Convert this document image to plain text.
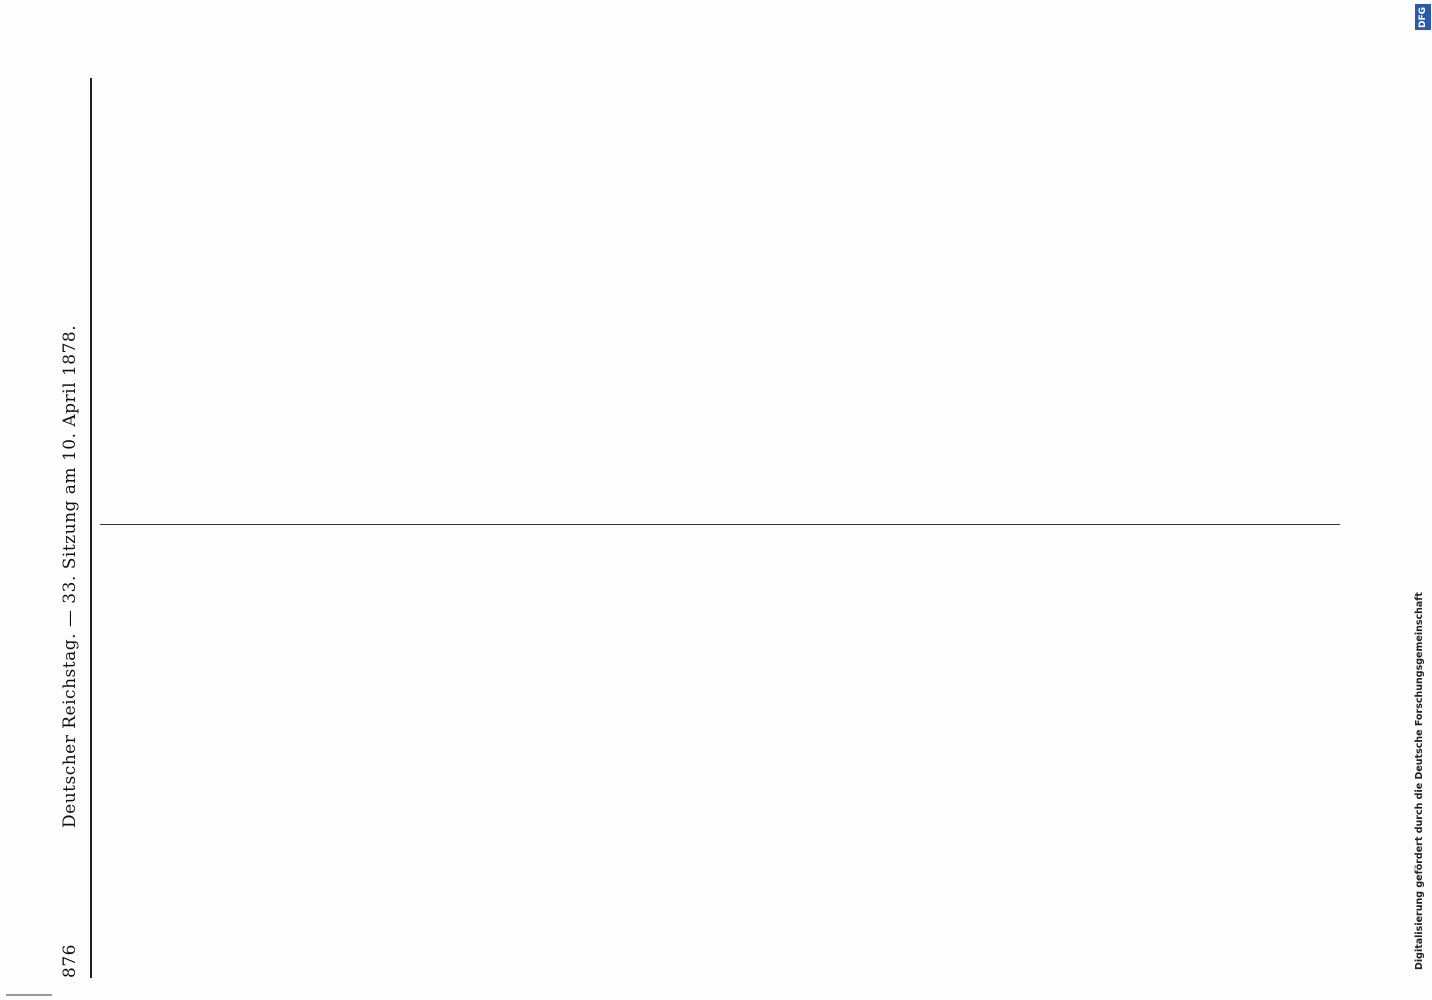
876
Deutscher Reichstag. — 33. Sitzung am 10. April 1878.
DFG
Digitalisierung gefördert durch die Deutsche Forschungsgemeinschaft
